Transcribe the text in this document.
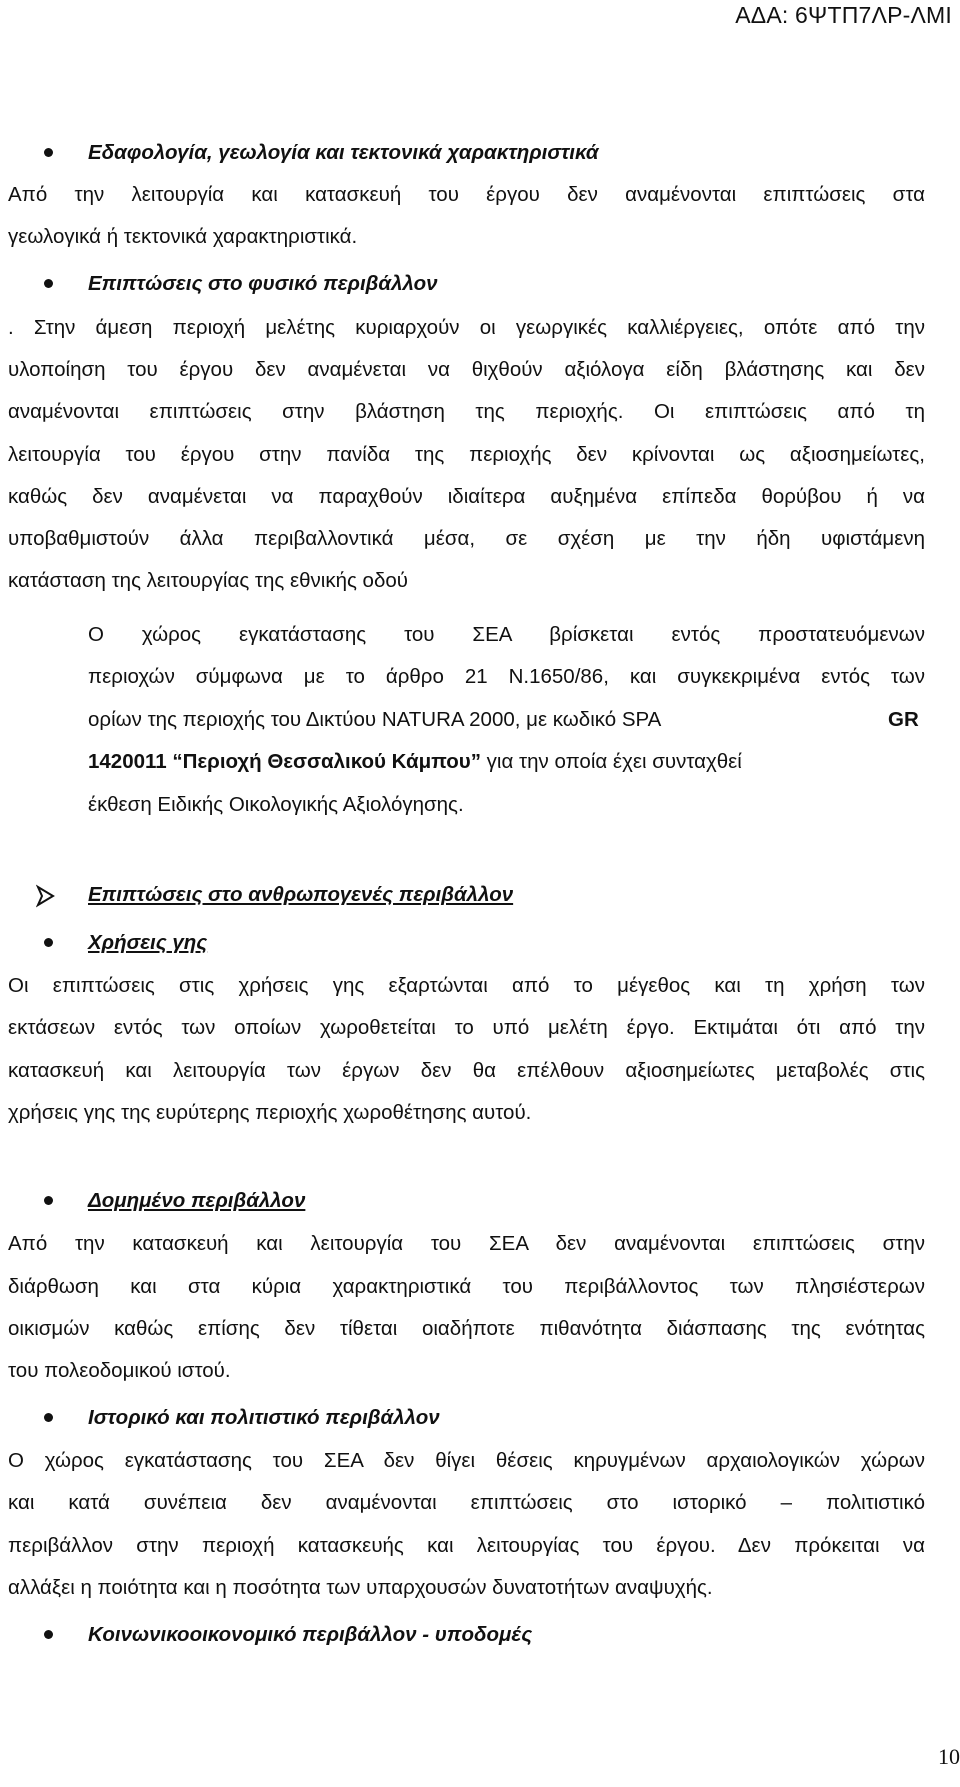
ΑΔΑ: 6ΨΤΠ7ΛΡ-ΛΜΙ
Εδαφολογία, γεωλογία και τεκτονικά χαρακτηριστικά
Από την λειτουργία και κατασκευή του έργου δεν αναμένονται επιπτώσεις στα
γεωλογικά ή τεκτονικά χαρακτηριστικά.
Επιπτώσεις στο φυσικό περιβάλλον
. Στην άμεση περιοχή μελέτης κυριαρχούν οι γεωργικές καλλιέργειες, οπότε από την
υλοποίηση του έργου δεν αναμένεται να θιχθούν αξιόλογα είδη βλάστησης και δεν
αναμένονται επιπτώσεις στην βλάστηση της περιοχής. Οι επιπτώσεις από τη
λειτουργία του έργου στην πανίδα της περιοχής δεν κρίνονται ως αξιοσημείωτες,
καθώς δεν αναμένεται να παραχθούν ιδιαίτερα αυξημένα επίπεδα θορύβου ή να
υποβαθμιστούν άλλα περιβαλλοντικά μέσα, σε σχέση με την ήδη υφιστάμενη
κατάσταση της λειτουργίας της εθνικής οδού
Ο χώρος εγκατάστασης του ΣΕΑ βρίσκεται εντός προστατευόμενων
περιοχών σύμφωνα με το άρθρο 21 Ν.1650/86, και συγκεκριμένα εντός των
ορίων της περιοχής του Δικτύου NATURA 2000, με κωδικό SPA	GR
1420011 “Περιοχή Θεσσαλικού Κάμπου” για την οποία έχει συνταχθεί
έκθεση Ειδικής Οικολογικής Αξιολόγησης.
Επιπτώσεις στο ανθρωπογενές περιβάλλον
Χρήσεις γης
Οι επιπτώσεις στις χρήσεις γης εξαρτώνται από το μέγεθος και τη χρήση των
εκτάσεων εντός των οποίων χωροθετείται το υπό μελέτη έργο. Εκτιμάται ότι από την
κατασκευή και λειτουργία των έργων δεν θα επέλθουν αξιοσημείωτες μεταβολές στις
χρήσεις γης της ευρύτερης περιοχής χωροθέτησης αυτού.
Δομημένο περιβάλλον
Από την κατασκευή και λειτουργία του ΣΕΑ δεν αναμένονται επιπτώσεις στην
διάρθωση και στα κύρια χαρακτηριστικά του περιβάλλοντος των πλησιέστερων
οικισμών καθώς επίσης δεν τίθεται οιαδήποτε πιθανότητα διάσπασης της ενότητας
του πολεοδομικού ιστού.
Ιστορικό και πολιτιστικό περιβάλλον
Ο χώρος εγκατάστασης του ΣΕΑ δεν θίγει θέσεις κηρυγμένων αρχαιολογικών χώρων
και κατά συνέπεια δεν αναμένονται επιπτώσεις στο ιστορικό – πολιτιστικό
περιβάλλον στην περιοχή κατασκευής και λειτουργίας του έργου. Δεν πρόκειται να
αλλάξει η ποιότητα και η ποσότητα των υπαρχουσών δυνατοτήτων αναψυχής.
Κοινωνικοοικονομικό περιβάλλον - υποδομές
10
